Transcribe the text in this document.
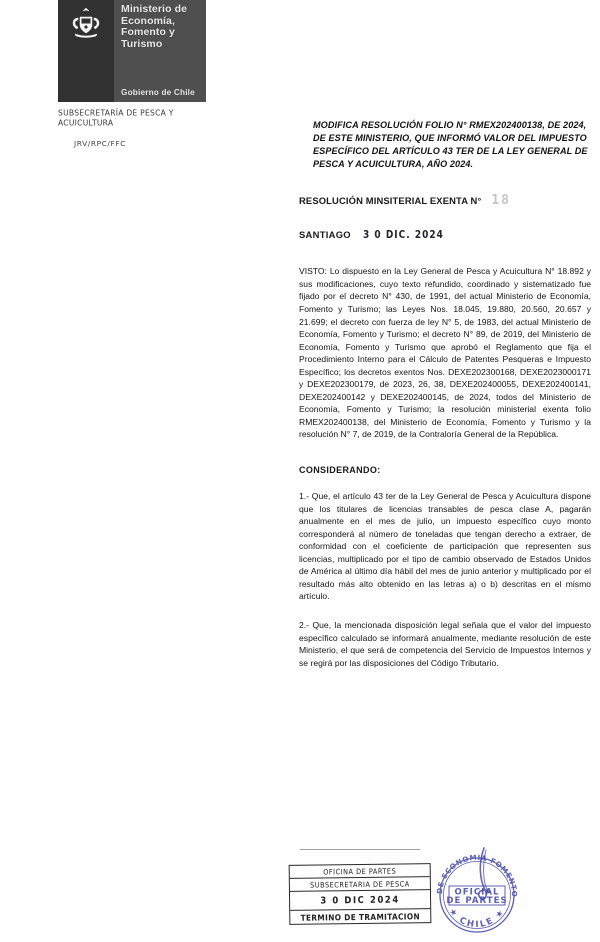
Ministerio de Economía, Fomento y Turismo
Gobierno de Chile
SUBSECRETARÍA DE PESCA Y ACUICULTURA
JRV/RPC/FFC
MODIFICA RESOLUCIÓN FOLIO N° RMEX202400138, DE 2024, DE ESTE MINISTERIO, QUE INFORMÓ VALOR DEL IMPUESTO ESPECÍFICO DEL ARTÍCULO 43 TER DE LA LEY GENERAL DE PESCA Y ACUICULTURA, AÑO 2024.
RESOLUCIÓN MINSITERIAL EXENTA N° 18
SANTIAGO 3 0 DIC. 2024
VISTO: Lo dispuesto en la Ley General de Pesca y Acuicultura N° 18.892 y sus modificaciones, cuyo texto refundido, coordinado y sistematizado fue fijado por el decreto N° 430, de 1991, del actual Ministerio de Economía, Fomento y Turismo; las Leyes Nos. 18.045, 19.880, 20.560, 20.657 y 21.699; el decreto con fuerza de ley N° 5, de 1983, del actual Ministerio de Economía, Fomento y Turismo; el decreto N° 89, de 2019, del Ministerio de Economía, Fomento y Turismo que aprobó el Reglamento que fija el Procedimiento Interno para el Cálculo de Patentes Pesqueras e Impuesto Específico; los decretos exentos Nos. DEXE202300168, DEXE2023000171 y DEXE202300179, de 2023, 26, 38, DEXE202400055, DEXE202400141, DEXE202400142 y DEXE202400145, de 2024, todos del Ministerio de Economía, Fomento y Turismo; la resolución ministerial exenta folio RMEX202400138, del Ministerio de Economía, Fomento y Turismo y la resolución N° 7, de 2019, de la Contraloría General de la República.
CONSIDERANDO:
1.- Que, el artículo 43 ter de la Ley General de Pesca y Acuicultura dispone que los titulares de licencias transables de pesca clase A, pagarán anualmente en el mes de julio, un impuesto específico cuyo monto corresponderá al número de toneladas que tengan derecho a extraer, de conformidad con el coeficiente de participación que representen sus licencias, multiplicado por el tipo de cambio observado de Estados Unidos de América al último día hábil del mes de junio anterior y multiplicado por el resultado más alto obtenido en las letras a) o b) descritas en el mismo artículo.
2.- Que, la mencionada disposición legal señala que el valor del impuesto específico calculado se informará anualmente, mediante resolución de este Ministerio, el que será de competencia del Servicio de Impuestos Internos y se regirá por las disposiciones del Código Tributario.
OFICINA DE PARTES
SUBSECRETARIA DE PESCA
3 0 DIC 2024
TERMINO DE TRAMITACION
MINISTERIO DE ECONOMIA FOMENTO Y TURISMO
★ CHILE ★
OFICIAL
DE PARTES
